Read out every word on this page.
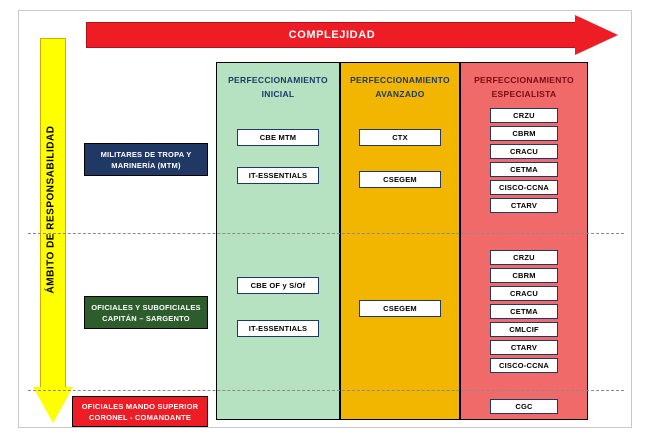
COMPLEJIDAD
ÁMBITO DE RESPONSABILIDAD
PERFECCIONAMIENTO
INICIAL
PERFECCIONAMIENTO
AVANZADO
PERFECCIONAMIENTO
ESPECIALISTA
MILITARES DE TROPA Y
MARINERÍA (MTM)
OFICIALES Y SUBOFICIALES
CAPITÁN – SARGENTO
OFICIALES MANDO SUPERIOR
CORONEL - COMANDANTE
CBE MTM
IT-ESSENTIALS
CTX
CSEGEM
CRZU
CBRM
CRACU
CETMA
CISCO-CCNA
CTARV
CBE OF y S/Of
IT-ESSENTIALS
CSEGEM
CRZU
CBRM
CRACU
CETMA
CMLCIF
CTARV
CISCO-CCNA
CGC
